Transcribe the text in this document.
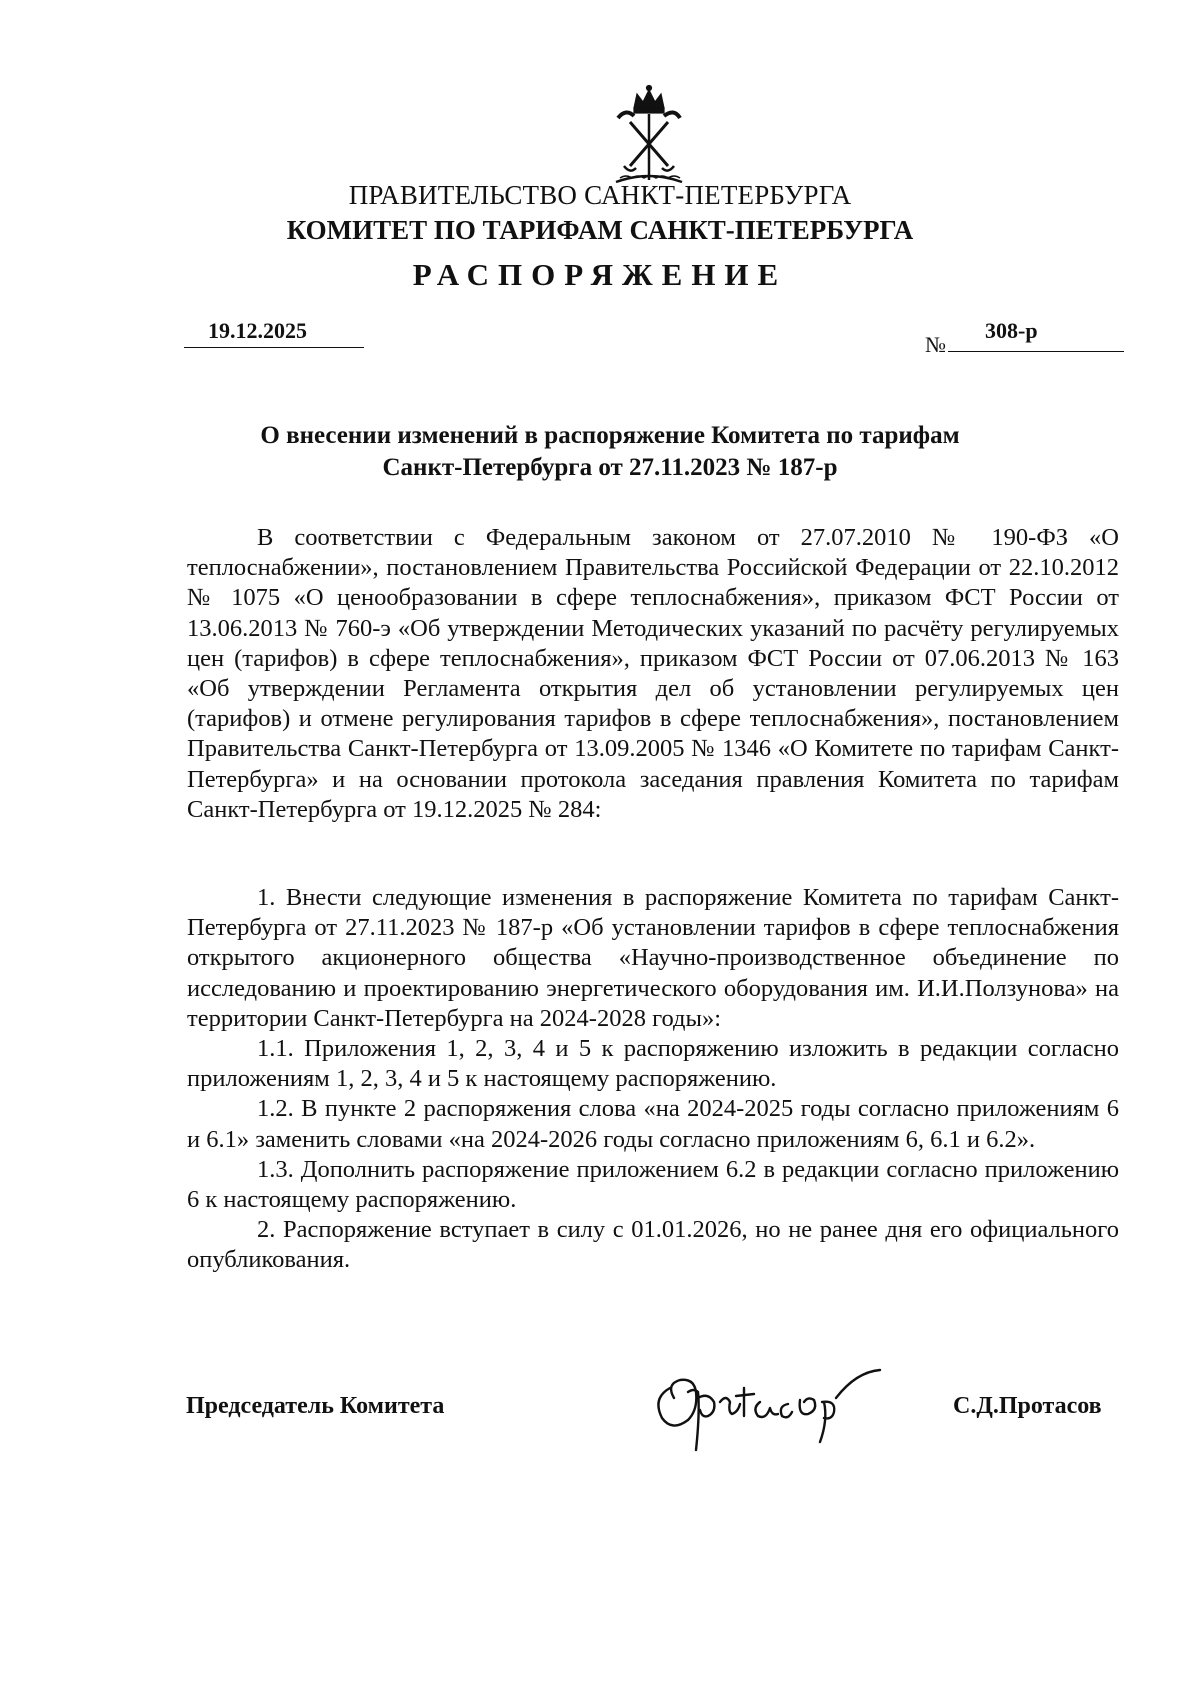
ПРАВИТЕЛЬСТВО САНКТ-ПЕТЕРБУРГА
КОМИТЕТ ПО ТАРИФАМ САНКТ-ПЕТЕРБУРГА
РАСПОРЯЖЕНИЕ
19.12.2025
№
308-р
О внесении изменений в распоряжение Комитета по тарифам
Санкт-Петербурга от 27.11.2023 № 187-р

В соответствии с Федеральным законом от 27.07.2010 № 190-ФЗ «О теплоснабжении», постановлением Правительства Российской Федерации от 22.10.2012 № 1075 «О ценообразовании в сфере теплоснабжения», приказом ФСТ России от 13.06.2013 № 760-э «Об утверждении Методических указаний по расчёту регулируемых цен (тарифов) в сфере теплоснабжения», приказом ФСТ России от 07.06.2013 № 163 «Об утверждении Регламента открытия дел об установлении регулируемых цен (тарифов) и отмене регулирования тарифов в сфере теплоснабжения», постановлением Правительства Санкт-Петербурга от 13.09.2005 № 1346 «О Комитете по тарифам Санкт-Петербурга» и на основании протокола заседания правления Комитета по тарифам Санкт-Петербурга от 19.12.2025 № 284:

1. Внести следующие изменения в распоряжение Комитета по тарифам Санкт-Петербурга от 27.11.2023 № 187-р «Об установлении тарифов в сфере теплоснабжения открытого акционерного общества «Научно-производственное объединение по исследованию и проектированию энергетического оборудования им. И.И.Ползунова» на территории Санкт-Петербурга на 2024-2028 годы»:

1.1. Приложения 1, 2, 3, 4 и 5 к распоряжению изложить в редакции согласно приложениям 1, 2, 3, 4 и 5 к настоящему распоряжению.

1.2. В пункте 2 распоряжения слова «на 2024-2025 годы согласно приложениям 6 и 6.1» заменить словами «на 2024-2026 годы согласно приложениям 6, 6.1 и 6.2».

1.3. Дополнить распоряжение приложением 6.2 в редакции согласно приложению 6 к настоящему распоряжению.

2. Распоряжение вступает в силу с 01.01.2026, но не ранее дня его официального опубликования.

Председатель Комитета	С.Д.Протасов
